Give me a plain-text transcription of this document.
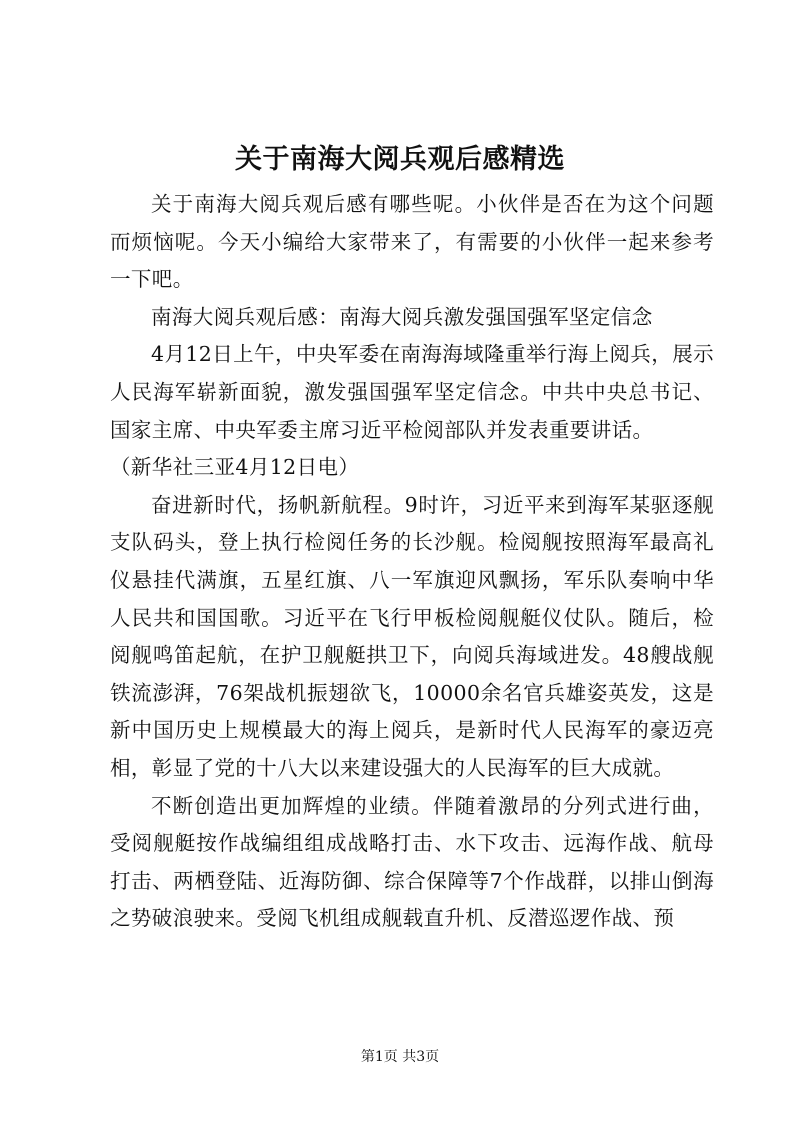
关于南海大阅兵观后感精选

关于南海大阅兵观后感有哪些呢。小伙伴是否在为这个问题而烦恼呢。今天小编给大家带来了，有需要的小伙伴一起来参考一下吧。

南海大阅兵观后感：南海大阅兵激发强国强军坚定信念

4月12日上午，中央军委在南海海域隆重举行海上阅兵，展示人民海军崭新面貌，激发强国强军坚定信念。中共中央总书记、国家主席、中央军委主席习近平检阅部队并发表重要讲话。

（新华社三亚4月12日电）

奋进新时代，扬帆新航程。9时许，习近平来到海军某驱逐舰支队码头，登上执行检阅任务的长沙舰。检阅舰按照海军最高礼仪悬挂代满旗，五星红旗、八一军旗迎风飘扬，军乐队奏响中华人民共和国国歌。习近平在飞行甲板检阅舰艇仪仗队。随后，检阅舰鸣笛起航，在护卫舰艇拱卫下，向阅兵海域进发。48艘战舰铁流澎湃，76架战机振翅欲飞，10000余名官兵雄姿英发，这是新中国历史上规模最大的海上阅兵，是新时代人民海军的豪迈亮相，彰显了党的十八大以来建设强大的人民海军的巨大成就。

不断创造出更加辉煌的业绩。伴随着激昂的分列式进行曲，受阅舰艇按作战编组组成战略打击、水下攻击、远海作战、航母打击、两栖登陆、近海防御、综合保障等7个作战群，以排山倒海之势破浪驶来。受阅飞机组成舰载直升机、反潜巡逻作战、预

第1页 共3页
